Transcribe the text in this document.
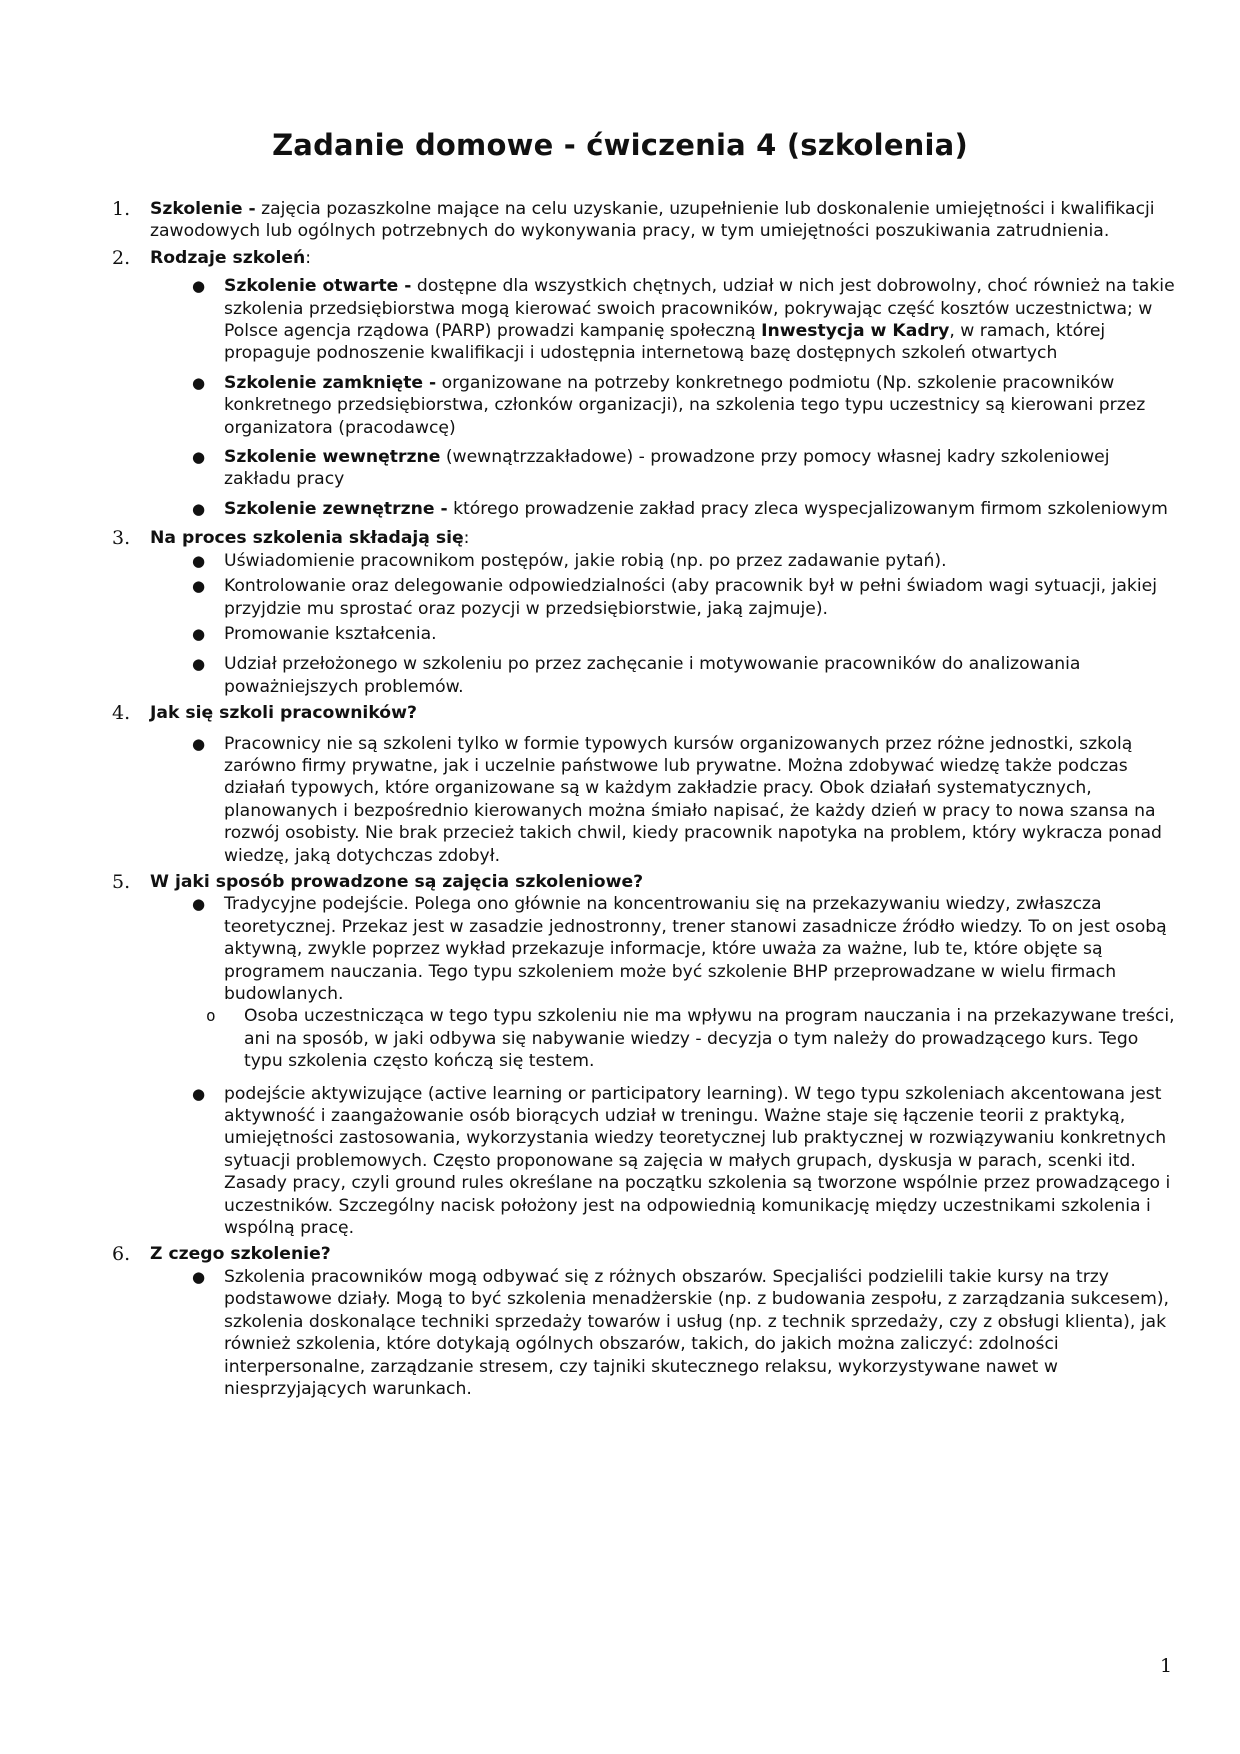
Zadanie domowe - ćwiczenia 4 (szkolenia)
1. Szkolenie - zajęcia pozaszkolne mające na celu uzyskanie, uzupełnienie lub doskonalenie umiejętności i kwalifikacji zawodowych lub ogólnych potrzebnych do wykonywania pracy, w tym umiejętności poszukiwania zatrudnienia.
2. Rodzaje szkoleń:
● Szkolenie otwarte - dostępne dla wszystkich chętnych, udział w nich jest dobrowolny, choć również na takie szkolenia przedsiębiorstwa mogą kierować swoich pracowników, pokrywając część kosztów uczestnictwa; w Polsce agencja rządowa (PARP) prowadzi kampanię społeczną Inwestycja w Kadry, w ramach, której propaguje podnoszenie kwalifikacji i udostępnia internetową bazę dostępnych szkoleń otwartych
● Szkolenie zamknięte - organizowane na potrzeby konkretnego podmiotu (Np. szkolenie pracowników konkretnego przedsiębiorstwa, członków organizacji), na szkolenia tego typu uczestnicy są kierowani przez organizatora (pracodawcę)
● Szkolenie wewnętrzne (wewnątrzzakładowe) - prowadzone przy pomocy własnej kadry szkoleniowej zakładu pracy
● Szkolenie zewnętrzne - którego prowadzenie zakład pracy zleca wyspecjalizowanym firmom szkoleniowym
3. Na proces szkolenia składają się:
● Uświadomienie pracownikom postępów, jakie robią (np. po przez zadawanie pytań).
● Kontrolowanie oraz delegowanie odpowiedzialności (aby pracownik był w pełni świadom wagi sytuacji, jakiej przyjdzie mu sprostać oraz pozycji w przedsiębiorstwie, jaką zajmuje).
● Promowanie kształcenia.
● Udział przełożonego w szkoleniu po przez zachęcanie i motywowanie pracowników do analizowania poważniejszych problemów.
4. Jak się szkoli pracowników?
● Pracownicy nie są szkoleni tylko w formie typowych kursów organizowanych przez różne jednostki, szkolą zarówno firmy prywatne, jak i uczelnie państwowe lub prywatne. Można zdobywać wiedzę także podczas działań typowych, które organizowane są w każdym zakładzie pracy. Obok działań systematycznych, planowanych i bezpośrednio kierowanych można śmiało napisać, że każdy dzień w pracy to nowa szansa na rozwój osobisty. Nie brak przecież takich chwil, kiedy pracownik napotyka na problem, który wykracza ponad wiedzę, jaką dotychczas zdobył.
5. W jaki sposób prowadzone są zajęcia szkoleniowe?
● Tradycyjne podejście. Polega ono głównie na koncentrowaniu się na przekazywaniu wiedzy, zwłaszcza teoretycznej. Przekaz jest w zasadzie jednostronny, trener stanowi zasadnicze źródło wiedzy. To on jest osobą aktywną, zwykle poprzez wykład przekazuje informacje, które uważa za ważne, lub te, które objęte są programem nauczania. Tego typu szkoleniem może być szkolenie BHP przeprowadzane w wielu firmach budowlanych.
o Osoba uczestnicząca w tego typu szkoleniu nie ma wpływu na program nauczania i na przekazywane treści, ani na sposób, w jaki odbywa się nabywanie wiedzy - decyzja o tym należy do prowadzącego kurs. Tego typu szkolenia często kończą się testem.
● podejście aktywizujące (active learning or participatory learning). W tego typu szkoleniach akcentowana jest aktywność i zaangażowanie osób biorących udział w treningu. Ważne staje się łączenie teorii z praktyką, umiejętności zastosowania, wykorzystania wiedzy teoretycznej lub praktycznej w rozwiązywaniu konkretnych sytuacji problemowych. Często proponowane są zajęcia w małych grupach, dyskusja w parach, scenki itd. Zasady pracy, czyli ground rules określane na początku szkolenia są tworzone wspólnie przez prowadzącego i uczestników. Szczególny nacisk położony jest na odpowiednią komunikację między uczestnikami szkolenia i wspólną pracę.
6. Z czego szkolenie?
● Szkolenia pracowników mogą odbywać się z różnych obszarów. Specjaliści podzielili takie kursy na trzy podstawowe działy. Mogą to być szkolenia menadżerskie (np. z budowania zespołu, z zarządzania sukcesem), szkolenia doskonalące techniki sprzedaży towarów i usług (np. z technik sprzedaży, czy z obsługi klienta), jak również szkolenia, które dotykają ogólnych obszarów, takich, do jakich można zaliczyć: zdolności interpersonalne, zarządzanie stresem, czy tajniki skutecznego relaksu, wykorzystywane nawet w niesprzyjających warunkach.
1
